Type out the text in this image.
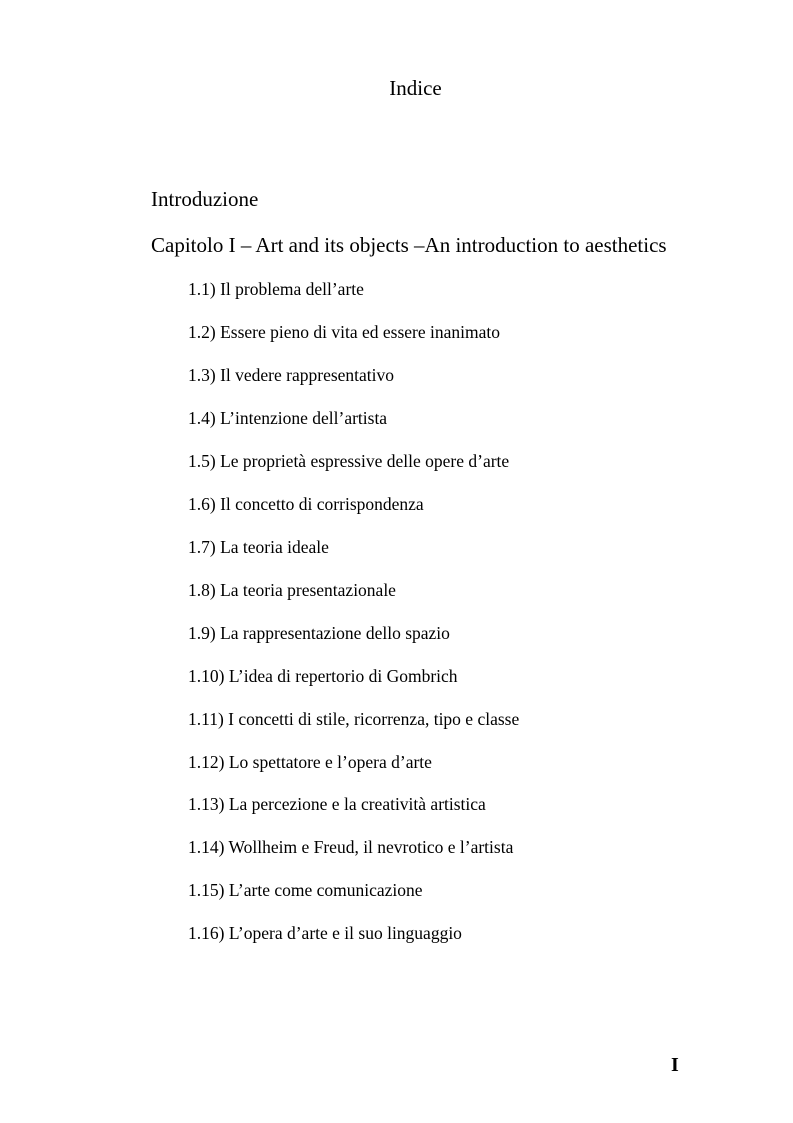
Indice
Introduzione
Capitolo I – Art and its objects –An introduction to aesthetics
1.1) Il problema dell’arte
1.2) Essere pieno di vita ed essere inanimato
1.3) Il vedere rappresentativo
1.4) L’intenzione dell’artista
1.5) Le proprietà espressive delle opere d’arte
1.6) Il concetto di corrispondenza
1.7) La teoria ideale
1.8) La teoria presentazionale
1.9) La rappresentazione dello spazio
1.10) L’idea di repertorio di Gombrich
1.11) I concetti di stile, ricorrenza, tipo e classe
1.12) Lo spettatore e l’opera d’arte
1.13) La percezione e la creatività artistica
1.14) Wollheim e Freud, il nevrotico e l’artista
1.15) L’arte come comunicazione
1.16) L’opera d’arte e il suo linguaggio
I
